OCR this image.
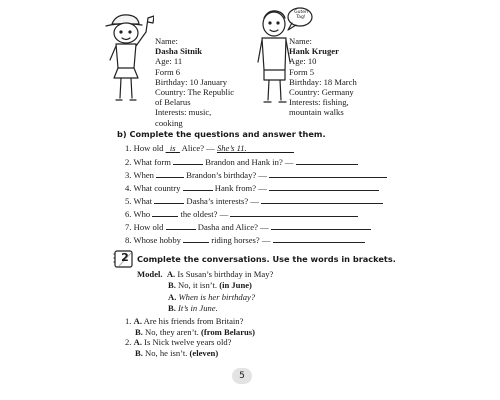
Name:
Dasha Sitnik
Age: 11
Form 6
Birthday: 10 January
Country: The Republic
of Belarus
Interests: music,
cooking
Guten Tag!
Name:
Hank Kruger
Age: 10
Form 5
Birthday: 18 March
Country: Germany
Interests: fishing,
mountain walks
b) Complete the questions and answer them.
1. How old   is   Alice? — She’s 11.
2. What form	Brandon and Hank in? —
3. When	Brandon’s birthday? —
4. What country	Hank from? —
5. What	Dasha’s interests? —
6. Who	the oldest? —
7. How old	Dasha and Alice? —
8. Whose hobby	riding horses? —
2 Complete the conversations. Use the words in brackets.
Model. A. Is Susan’s birthday in May?
B. No, it isn’t. (in June)
A. When is her birthday?
B. It’s in June.
1. A. Are his friends from Britain?
B. No, they aren’t. (from Belarus)
2. A. Is Nick twelve years old?
B. No, he isn’t. (eleven)
5
